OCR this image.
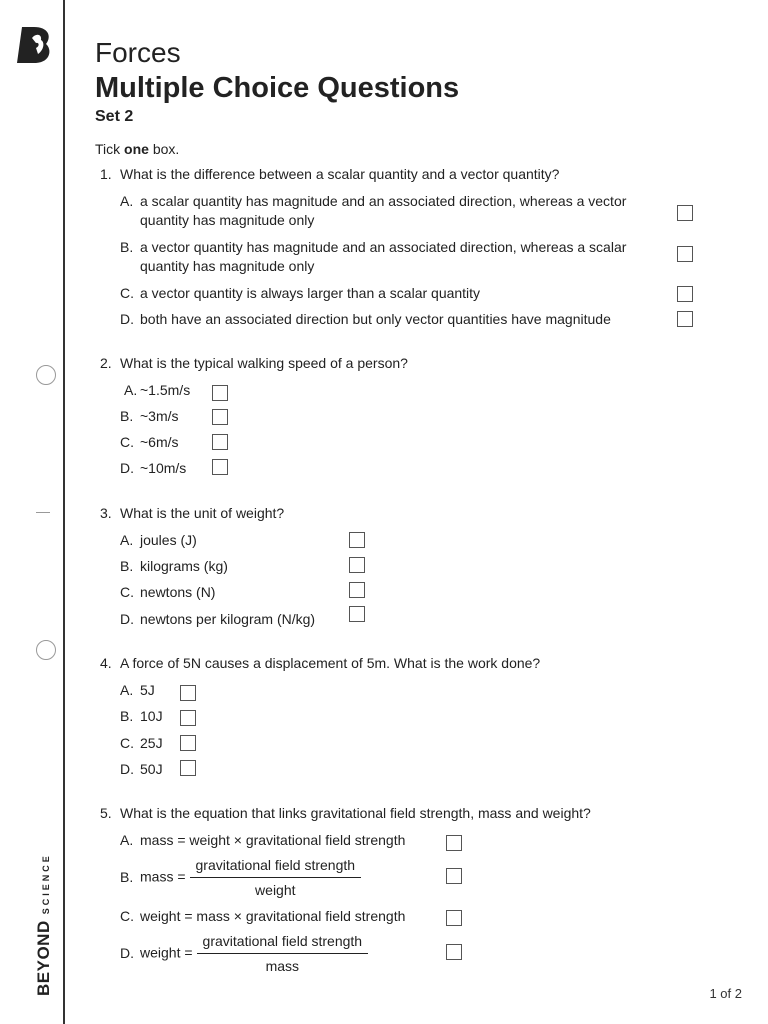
BEYONDSCIENCE
Forces
Multiple Choice Questions
Set 2
Tick one box.
1. What is the difference between a scalar quantity and a vector quantity?
A. a scalar quantity has magnitude and an associated direction, whereas a vector
quantity has magnitude only
B. a vector quantity has magnitude and an associated direction, whereas a scalar
quantity has magnitude only
C. a vector quantity is always larger than a scalar quantity
D. both have an associated direction but only vector quantities have magnitude
2. What is the typical walking speed of a person?
A. ~1.5m/s
B. ~3m/s
C. ~6m/s
D. ~10m/s
3. What is the unit of weight?
A. joules (J)
B. kilograms (kg)
C. newtons (N)
D. newtons per kilogram (N/kg)
4. A force of 5N causes a displacement of 5m. What is the work done?
A. 5J
B. 10J
C. 25J
D. 50J
5. What is the equation that links gravitational field strength, mass and weight?
A. mass = weight × gravitational field strength
B. mass = $\frac{\text{gravitational field strength}}{\text{weight}}$
C. weight = mass × gravitational field strength
D. weight = $\frac{\text{gravitational field strength}}{\text{mass}}$
1 of 2
